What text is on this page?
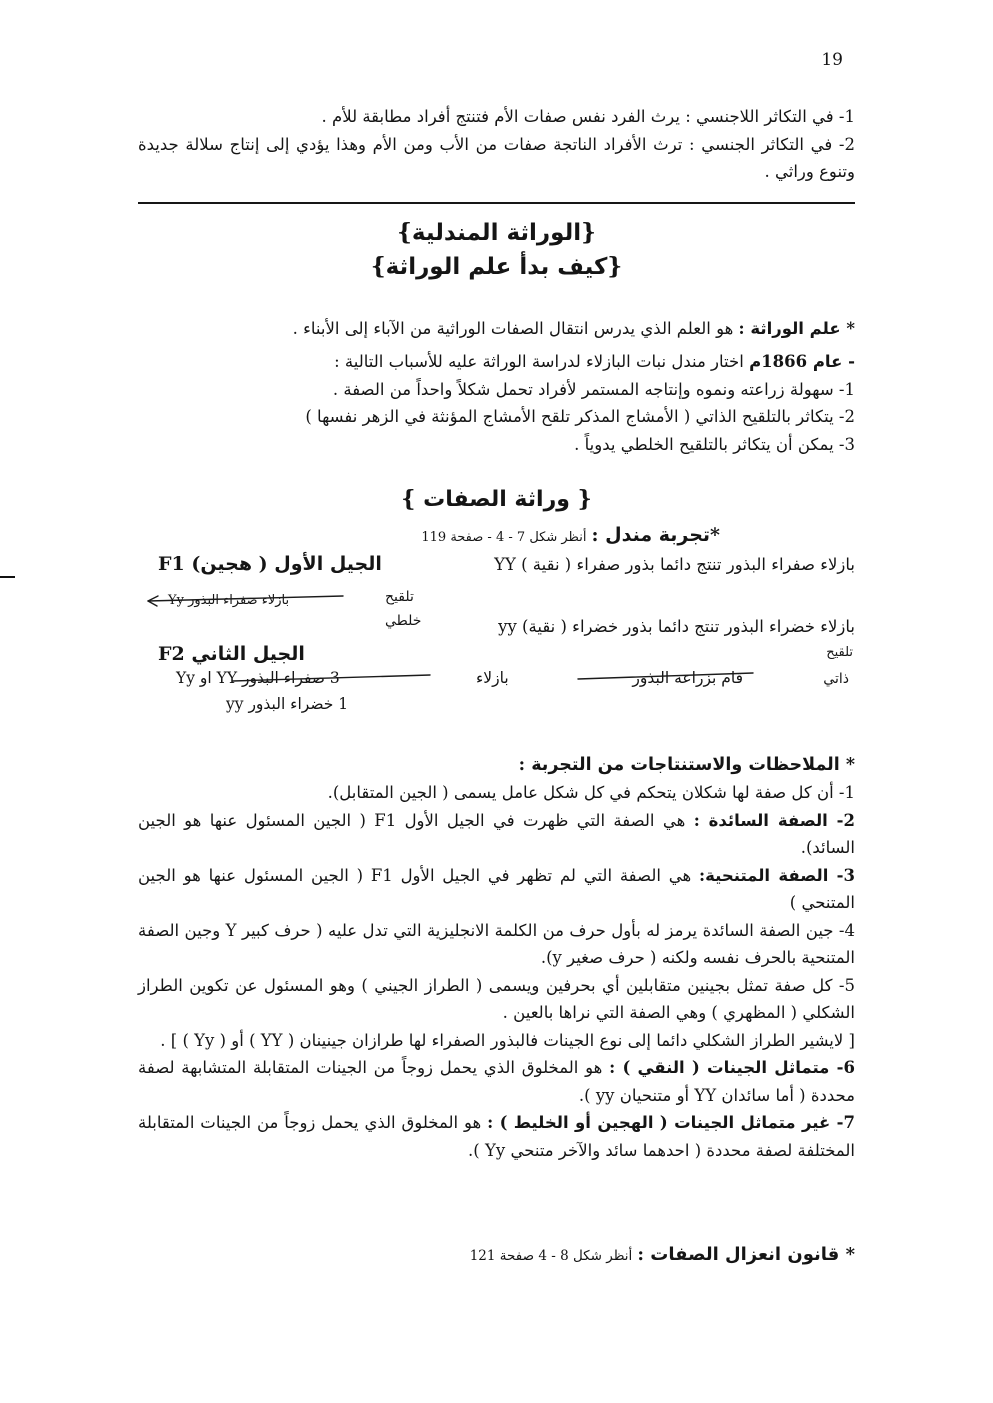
19

1- في التكاثر اللاجنسي : يرث الفرد نفس صفات الأم فتنتج أفراد مطابقة للأم .

2- في التكاثر الجنسي : ترث الأفراد الناتجة صفات من الأب ومن الأم وهذا يؤدي إلى إنتاج سلالة جديدة وتنوع وراثي .

{الوراثة المندلية}
{كيف بدأ علم الوراثة}

* علم الوراثة : هو العلم الذي يدرس انتقال الصفات الوراثية من الآباء إلى الأبناء .

- عام 1866م اختار مندل نبات البازلاء لدراسة الوراثة عليه للأسباب التالية :

1- سهولة زراعته ونموه وإنتاجه المستمر لأفراد تحمل شكلاً واحداً من الصفة .

2- يتكاثر بالتلقيح الذاتي ( الأمشاج المذكر تلقح الأمشاج المؤنثة في الزهر نفسها )

3- يمكن أن يتكاثر بالتلقيح الخلطي يدوياً .

{ وراثة الصفات }

*تجربة مندل : أنظر شكل 7 - 4 - صفحة 119

بازلاء صفراء البذور تنتج دائما بذور صفراء ( نقية ) YY
الجيل الأول ( هجين) F1
بازلاء صفراء البذور Yy	تلقيح
خلطي	بازلاء خضراء البذور تنتج دائما بذور خضراء ( نقية) yy
الجيل الثاني F2	تلقيح
ذاتي
قام بزراعة البذور
بازلاء
3 صفراء البذور YY او Yy
1 خضراء البذور yy

* الملاحظات والاستنتاجات من التجربة :

1- أن كل صفة لها شكلان يتحكم في كل شكل عامل يسمى ( الجين المتقابل).

2- الصفة السائدة : هي الصفة التي ظهرت في الجيل الأول F1 ( الجين المسئول عنها هو الجين السائد).

3- الصفة المتنحية: هي الصفة التي لم تظهر في الجيل الأول F1 ( الجين المسئول عنها هو الجين المتنحي )

4- جين الصفة السائدة يرمز له بأول حرف من الكلمة الانجليزية التي تدل عليه ( حرف كبير Y وجين الصفة المتنحية بالحرف نفسه ولكنه ( حرف صغير y).

5- كل صفة تمثل بجينين متقابلين أي بحرفين ويسمى ( الطراز الجيني ) وهو المسئول عن تكوين الطراز الشكلي ( المظهري ) وهي الصفة التي نراها بالعين .

[ لايشير الطراز الشكلي دائما إلى نوع الجينات فالبذور الصفراء لها طرازان جينينان ( YY ) أو ( Yy ) ] .

6- متماثل الجينات ( النقي ) : هو المخلوق الذي يحمل زوجاً من الجينات المتقابلة المتشابهة لصفة محددة ( أما سائدان YY أو متنحيان yy ).

7- غير متماثل الجينات ( الهجين أو الخليط ) : هو المخلوق الذي يحمل زوجاً من الجينات المتقابلة المختلفة لصفة محددة ( احدهما سائد والآخر متنحي Yy ).

* قانون انعزال الصفات : أنظر شكل 8 - 4 صفحة 121
